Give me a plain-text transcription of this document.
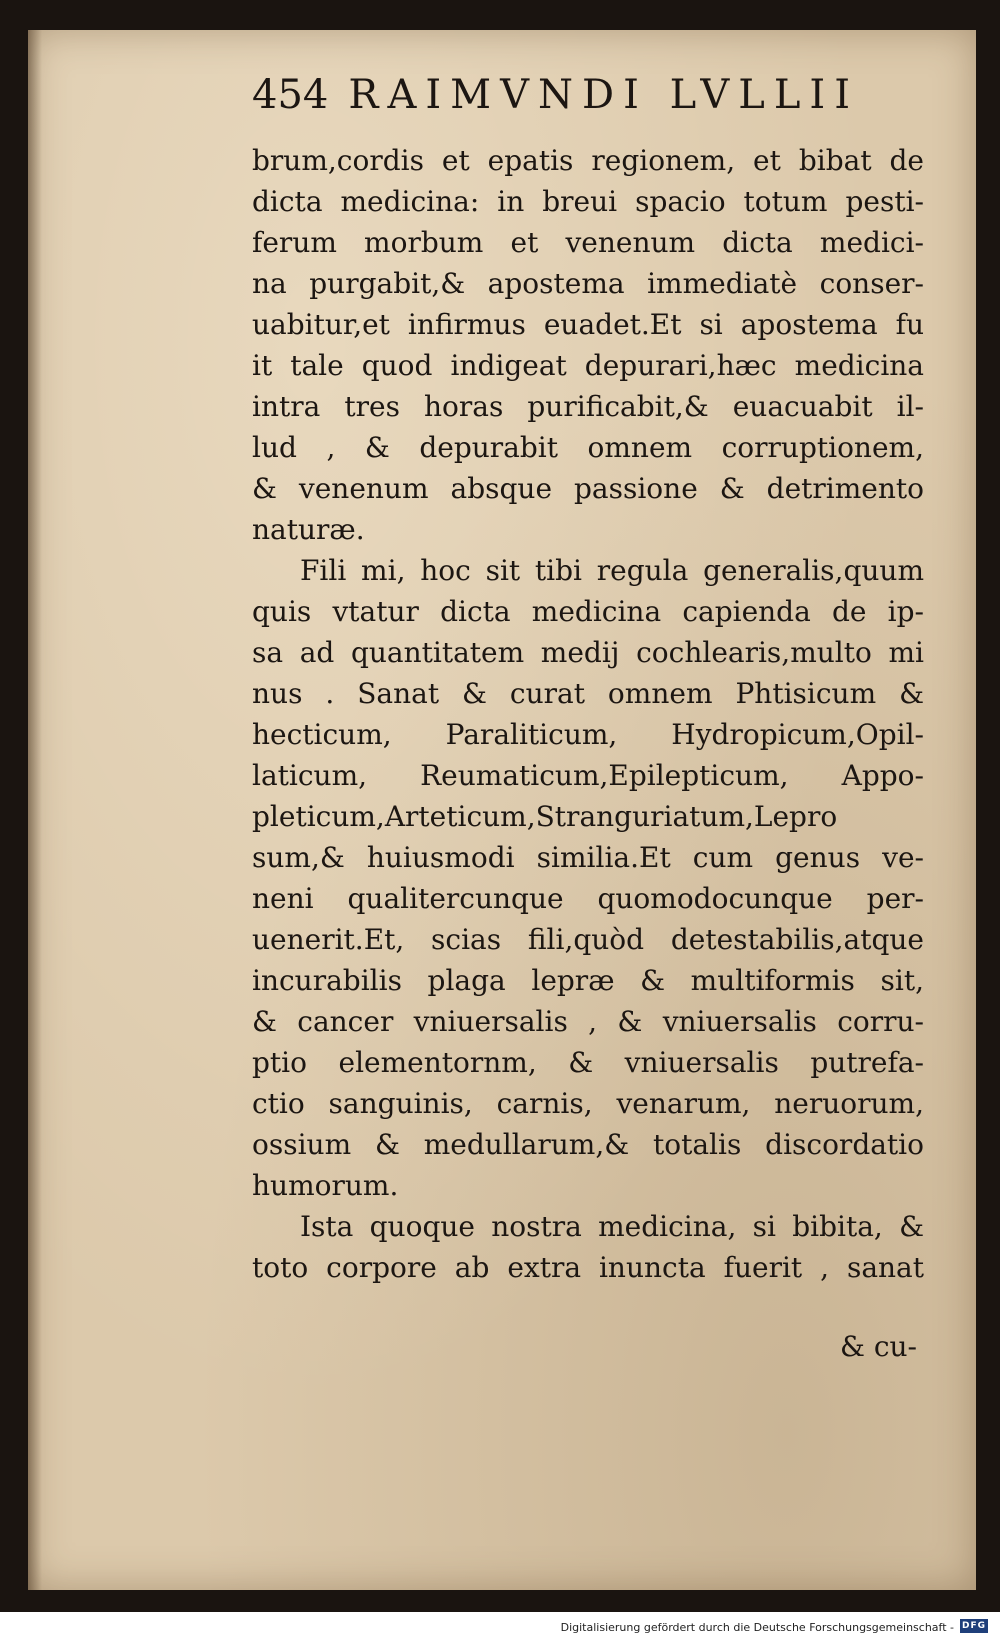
454 RAIMVNDI LVLLII
brum,cordis et epatis regionem, et bibat de
dicta medicina: in breui spacio totum pesti-
ferum morbum et venenum dicta medici-
na purgabit,& apostema immediatè conser-
uabitur,et infirmus euadet.Et si apostema fu
it tale quod indigeat depurari,hæc medicina
intra tres horas purificabit,& euacuabit il-
lud , & depurabit omnem corruptionem,
& venenum absque passione & detrimento
naturæ.
Fili mi, hoc sit tibi regula generalis,quum
quis vtatur dicta medicina capienda de ip-
sa ad quantitatem medij cochlearis,multo mi
nus . Sanat & curat omnem Phtisicum &
hecticum, Paraliticum, Hydropicum,Opil-
laticum, Reumaticum,Epilepticum, Appo-
pleticum,Arteticum,Stranguriatum,Lepro
sum,& huiusmodi similia.Et cum genus ve-
neni qualitercunque quomodocunque per-
uenerit.Et, scias fili,quòd detestabilis,atque
incurabilis plaga lepræ & multiformis sit,
& cancer vniuersalis , & vniuersalis corru-
ptio elementornm, & vniuersalis putrefa-
ctio sanguinis, carnis, venarum, neruorum,
ossium & medullarum,& totalis discordatio
humorum.
Ista quoque nostra medicina, si bibita, &
toto corpore ab extra inuncta fuerit , sanat
& cu-
Digitalisierung gefördert durch die Deutsche Forschungsgemeinschaft - DFG
